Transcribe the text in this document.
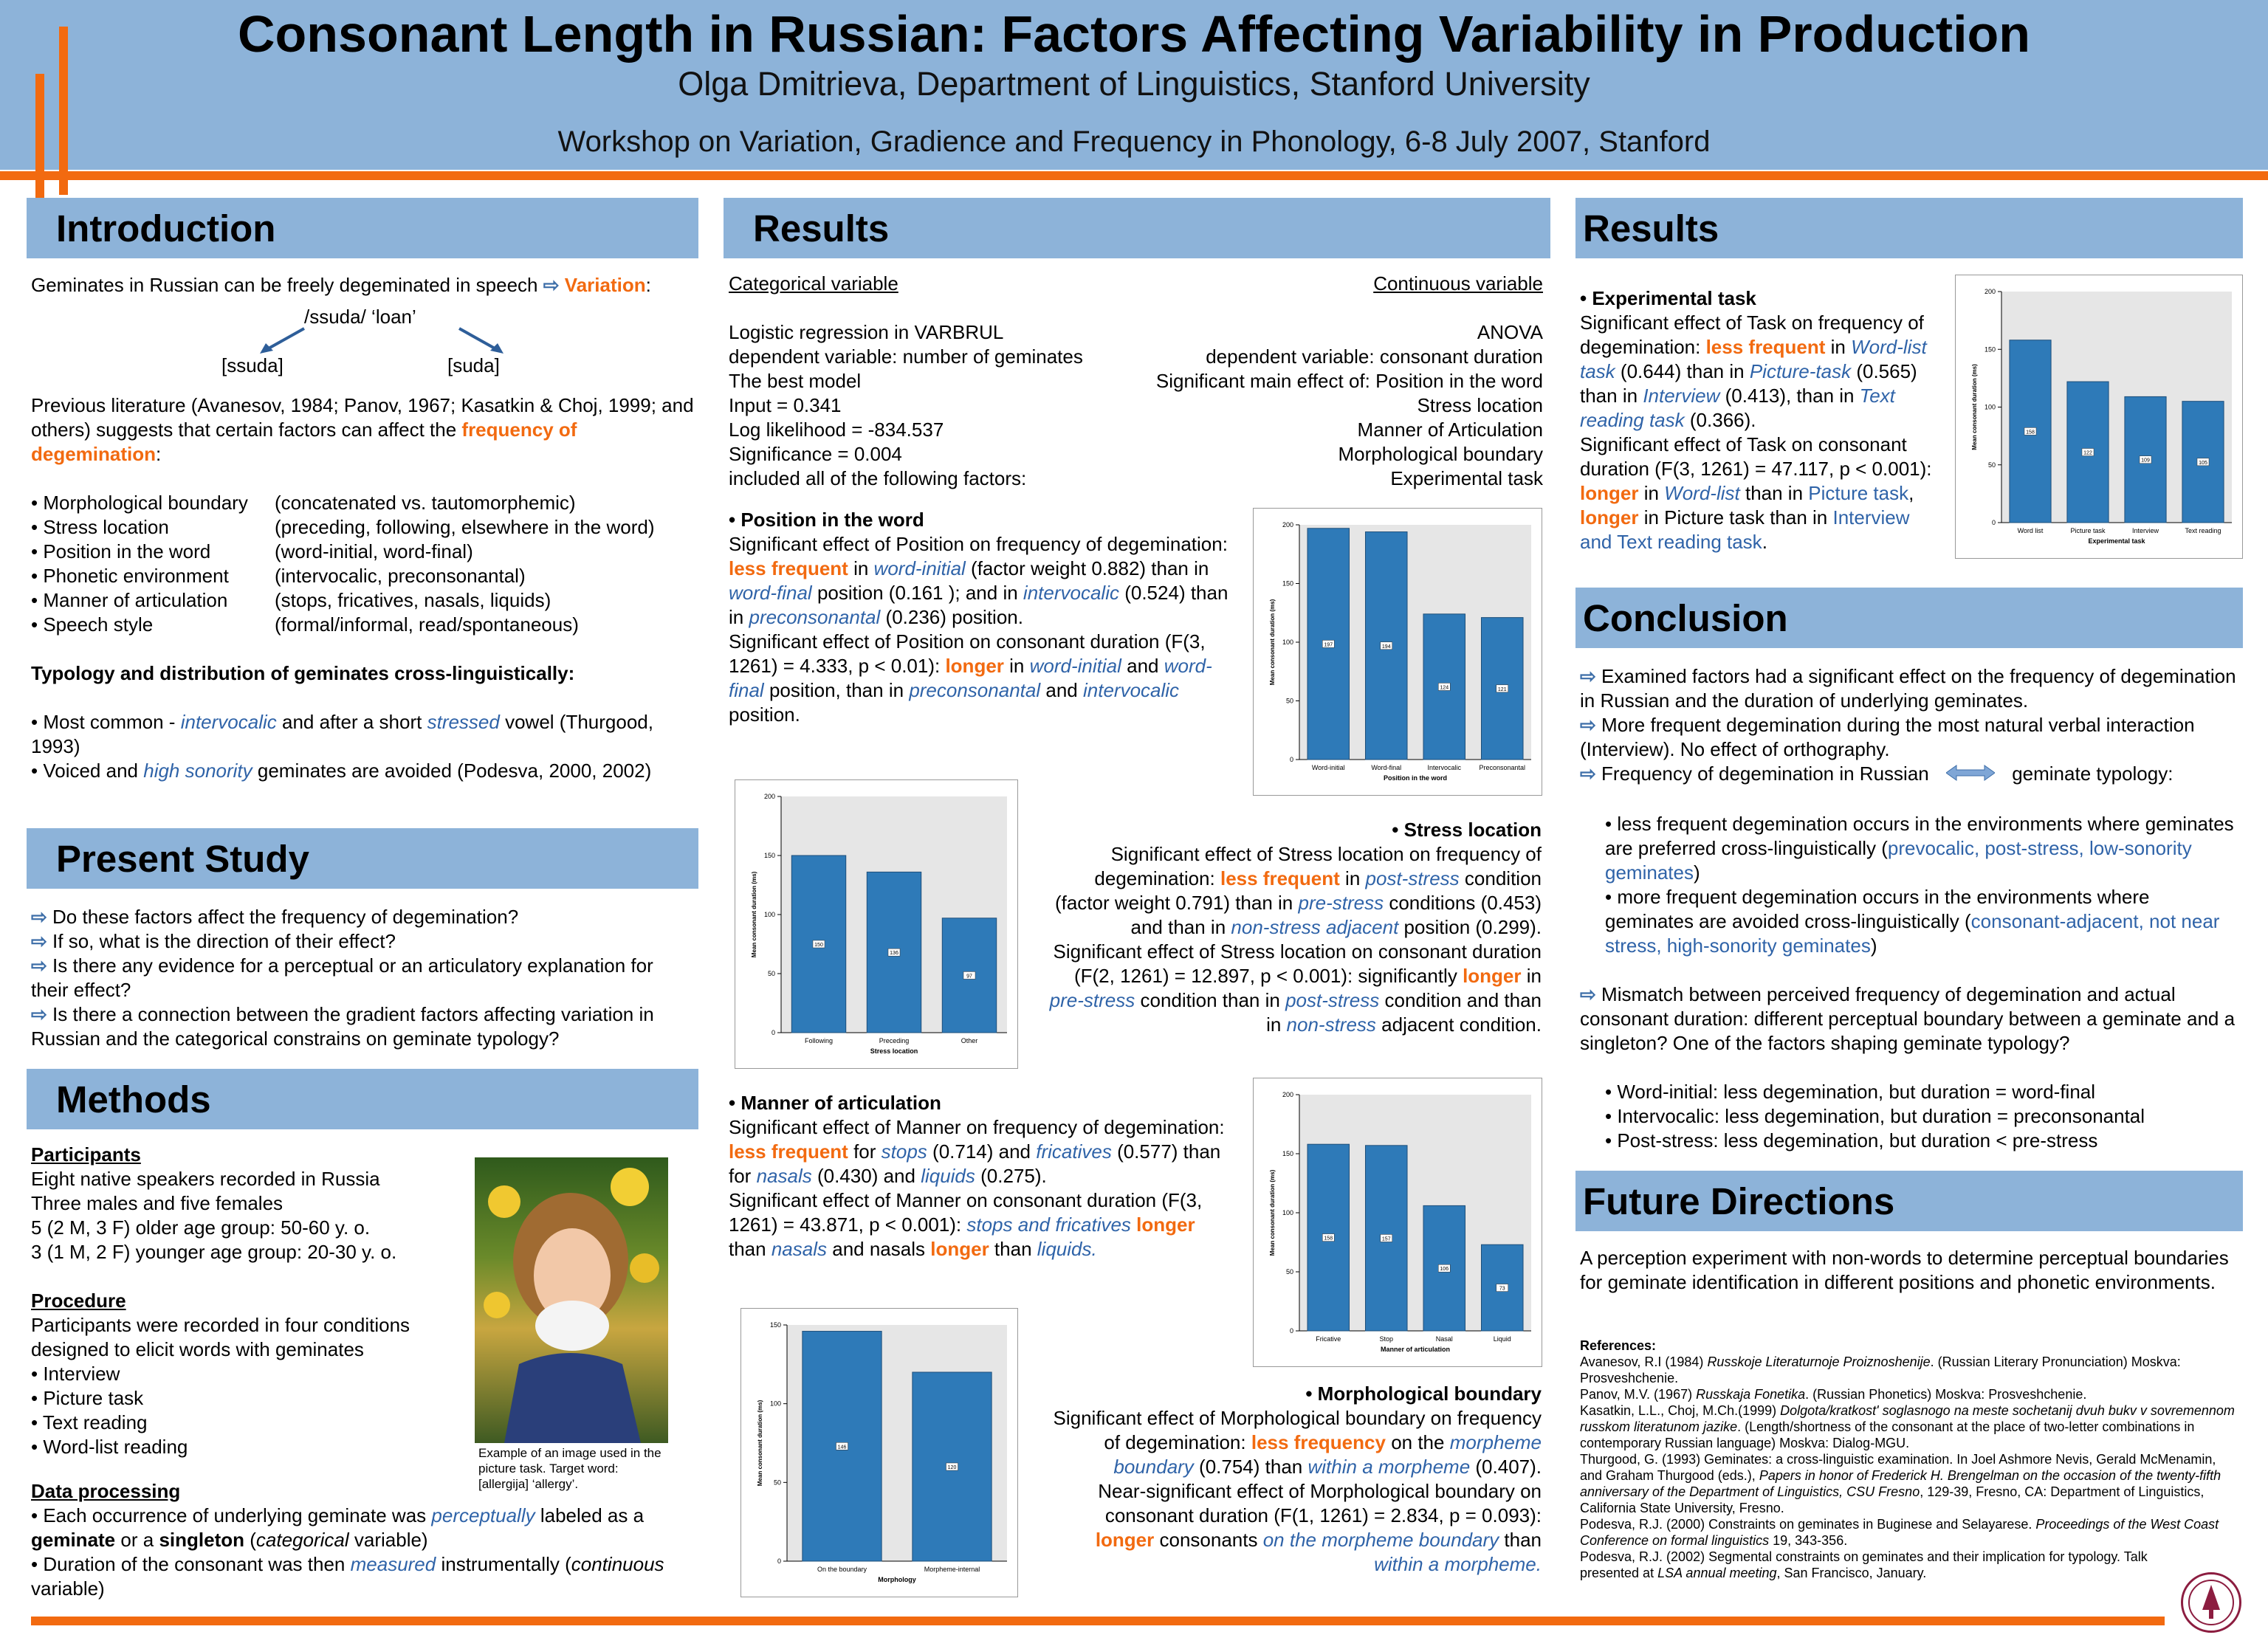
Consonant Length in Russian: Factors Affecting Variability in Production
Olga Dmitrieva, Department of Linguistics, Stanford University
Workshop on Variation, Gradience and Frequency in Phonology, 6-8 July 2007, Stanford
Introduction
Geminates in Russian can be freely degeminated in speech ⇨ Variation:
/ssuda/ ‘loan’
[ssuda]	[suda]
Previous literature (Avanesov, 1984; Panov, 1967; Kasatkin & Choj, 1999; and others) suggests that certain factors can affect the frequency of degemination:
• Morphological boundary	(concatenated vs. tautomorphemic)
• Stress location	(preceding, following, elsewhere in the word)
• Position in the word	(word-initial, word-final)
• Phonetic environment	(intervocalic, preconsonantal)
• Manner of articulation	(stops, fricatives, nasals, liquids)
• Speech style	(formal/informal, read/spontaneous)
Typology and distribution of geminates cross-linguistically:
• Most common - intervocalic and after a short stressed vowel (Thurgood, 1993)
• Voiced and high sonority geminates are avoided (Podesva, 2000, 2002)
Present Study
⇨ Do these factors affect the frequency of degemination?
⇨ If so, what is the direction of their effect?
⇨ Is there any evidence for a perceptual or an articulatory explanation for their effect?
⇨ Is there a connection between the gradient factors affecting variation in Russian and the categorical constrains on geminate typology?
Methods
Participants
Eight native speakers recorded in Russia
Three males and five females
5 (2 M, 3 F) older age group: 50-60 y. o.
3 (1 M, 2 F) younger age group: 20-30 y. o.
Procedure
Participants were recorded in four conditions designed to elicit words with geminates
• Interview
• Picture task
• Text reading
• Word-list reading	Example of an image used in the picture task. Target word: [allergija] ‘allergy’.
Data processing
• Each occurrence of underlying geminate was perceptually labeled as a geminate or a singleton (categorical variable)
• Duration of the consonant was then measured instrumentally (continuous variable)
Results
Categorical variable
Logistic regression in VARBRUL
dependent variable: number of geminates
The best model
Input = 0.341
Log likelihood = -834.537
Significance = 0.004
included all of the following factors:
Continuous variable
ANOVA
dependent variable: consonant duration
Significant main effect of: Position in the word
Stress location
Manner of Articulation
Morphological boundary
Experimental task
• Position in the word
Significant effect of Position on frequency of degemination: less frequent in word-initial (factor weight 0.882) than in word-final position (0.161 ); and in intervocalic (0.524) than in preconsonantal (0.236) position.
Significant effect of Position on consonant duration (F(3, 1261) = 4.333, p < 0.01): longer in word-initial and word-final position, than in preconsonantal and intervocalic position.
• Stress location
Significant effect of Stress location on frequency of degemination: less frequent in post-stress condition (factor weight 0.791) than in pre-stress conditions (0.453) and than in non-stress adjacent position (0.299). Significant effect of Stress location on consonant duration (F(2, 1261) = 12.897, p < 0.001): significantly longer in pre-stress condition than in post-stress condition and than in non-stress adjacent condition.
• Manner of articulation
Significant effect of Manner on frequency of degemination: less frequent for stops (0.714) and fricatives (0.577) than for nasals (0.430) and liquids (0.275).
Significant effect of Manner on consonant duration (F(3, 1261) = 43.871, p < 0.001): stops and fricatives longer than nasals and nasals longer than liquids.
• Morphological boundary
Significant effect of Morphological boundary on frequency of degemination: less frequency on the morpheme boundary (0.754) than within a morpheme (0.407).
Near-significant effect of Morphological boundary on consonant duration (F(1, 1261) = 2.834, p = 0.093): longer consonants on the morpheme boundary than within a morpheme.
0
50
100
150
200
Mean consonant duration (ms)	197
Word-initial
194
Word-final
124
Intervocalic
121
Preconsonantal
Position in the word
0
50
100
150
200
Mean consonant duration (ms)	150
Following
136
Preceding
97
Other
Stress location
0
50
100
150
200
Mean consonant duration (ms)	158
Fricative
157
Stop
106
Nasal
73
Liquid
Manner of articulation
0
50
100
150
Mean consonant duration (ms)	146
On the boundary
120
Morpheme-internal
Morphology
0
50
100
150
200
Mean consonant duration (ms)	158
Word list
122
Picture task
109
Interview
105
Text reading
Experimental task
Results
• Experimental task
Significant effect of Task on frequency of degemination: less frequent in Word-list task (0.644) than in Picture-task (0.565) than in Interview (0.413), than in Text reading task (0.366).
Significant effect of Task on consonant duration (F(3, 1261) = 47.117, p < 0.001): longer in Word-list than in Picture task, longer in Picture task than in Interview and Text reading task.
Conclusion
⇨ Examined factors had a significant effect on the frequency of degemination in Russian and the duration of underlying geminates.
⇨ More frequent degemination during the most natural verbal interaction (Interview). No effect of orthography.
⇨ Frequency of degemination in Russian	geminate typology:
• less frequent degemination occurs in the environments where geminates are preferred cross-linguistically (prevocalic, post-stress, low-sonority geminates)
• more frequent degemination occurs in the environments where geminates are avoided cross-linguistically (consonant-adjacent, not near stress, high-sonority geminates)
⇨ Mismatch between perceived frequency of degemination and actual consonant duration: different perceptual boundary between a geminate and a singleton? One of the factors shaping geminate typology?
• Word-initial: less degemination, but duration = word-final
• Intervocalic: less degemination, but duration = preconsonantal
• Post-stress: less degemination, but duration < pre-stress
Future Directions
A perception experiment with non-words to determine perceptual boundaries for geminate identification in different positions and phonetic environments.
References:
Avanesov, R.I (1984) Russkoje Literaturnoje Proiznoshenije. (Russian Literary Pronunciation) Moskva: Prosveshchenie.
Panov, M.V. (1967) Russkaja Fonetika. (Russian Phonetics) Moskva: Prosveshchenie.
Kasatkin, L.L., Choj, M.Ch.(1999) Dolgota/kratkost' soglasnogo na meste sochetanij dvuh bukv v sovremennom russkom literatunom jazike. (Length/shortness of the consonant at the place of two-letter combinations in contemporary Russian language) Moskva: Dialog-MGU.
Thurgood, G. (1993) Geminates: a cross-linguistic examination. In Joel Ashmore Nevis, Gerald McMenamin, and Graham Thurgood (eds.), Papers in honor of Frederick H. Brengelman on the occasion of the twenty-fifth anniversary of the Department of Linguistics, CSU Fresno, 129-39, Fresno, CA: Department of Linguistics, California State University, Fresno.
Podesva, R.J. (2000) Constraints on geminates in Buginese and Selayarese. Proceedings of the West Coast Conference on formal linguistics 19, 343-356.
Podesva, R.J. (2002) Segmental constraints on geminates and their implication for typology. Talk presented at LSA annual meeting, San Francisco, January.
